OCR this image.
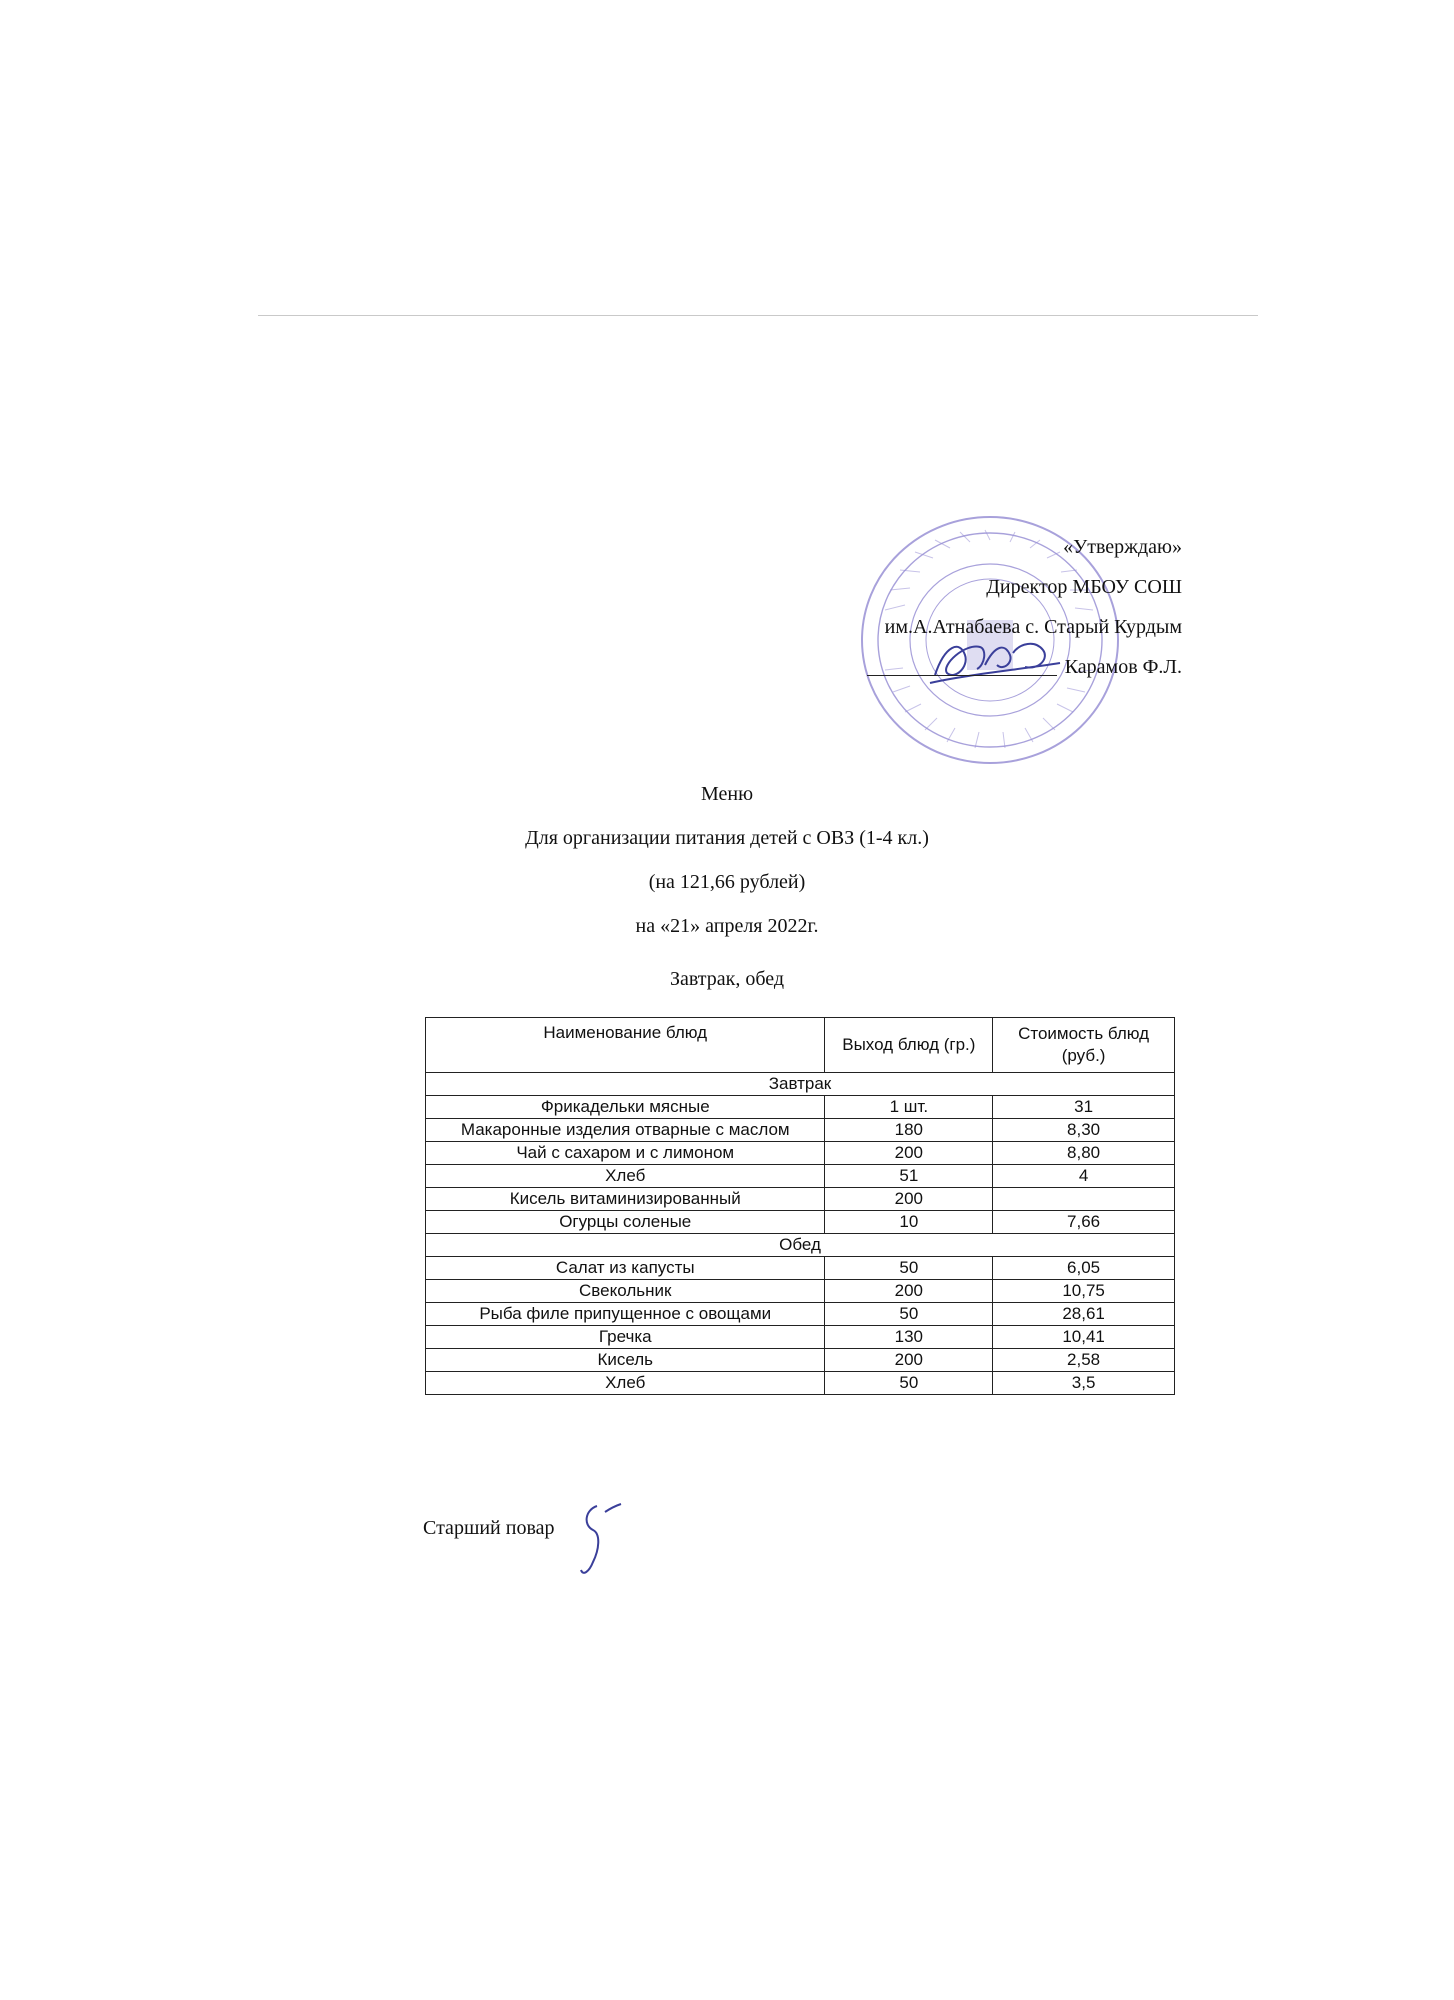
«Утверждаю»
Директор МБОУ СОШ
им.А.Атнабаева с. Старый Курдым
Карамов Ф.Л.
Меню
Для организации питания детей с ОВЗ (1-4 кл.)
(на 121,66 рублей)
на «21» апреля 2022г.
Завтрак, обед
Наименование блюд	Выход блюд (гр.)	Стоимость блюд (руб.)
Завтрак		
Фрикадельки мясные	1 шт.	31
Макаронные изделия отварные с маслом	180	8,30
Чай с сахаром и с лимоном	200	8,80
Хлеб	51	4
Кисель витаминизированный	200	
Огурцы соленые	10	7,66
Обед		
Салат из капусты	50	6,05
Свекольник	200	10,75
Рыба филе припущенное с овощами	50	28,61
Гречка	130	10,41
Кисель	200	2,58
Хлеб	50	3,5
Старший повар
